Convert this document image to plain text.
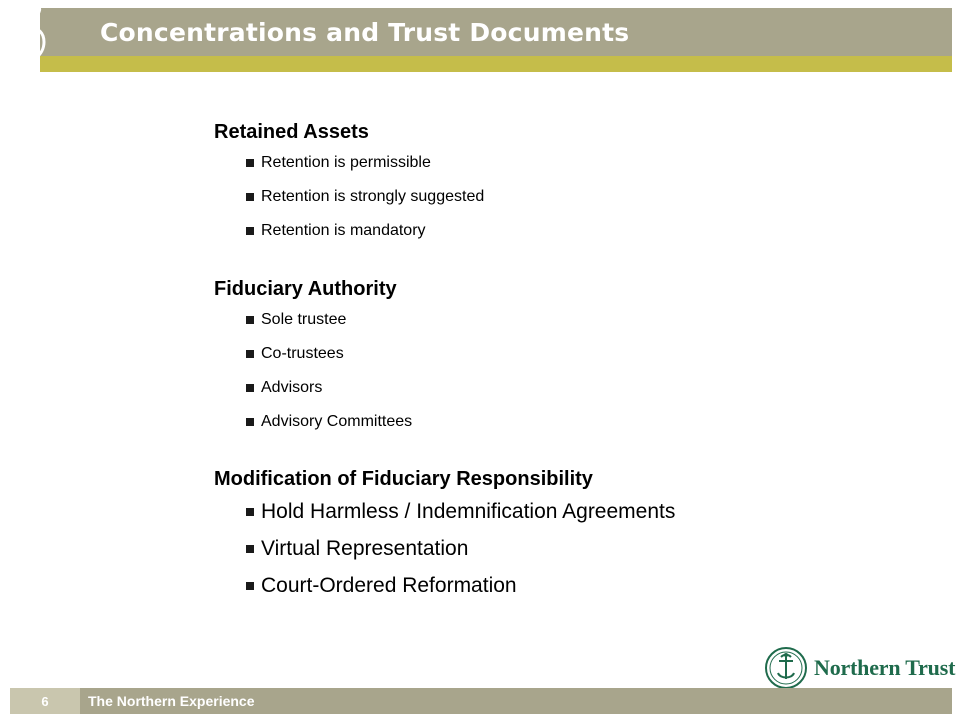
Concentrations and Trust Documents
Retained Assets
Retention is permissible
Retention is strongly suggested
Retention is mandatory
Fiduciary Authority
Sole trustee
Co-trustees
Advisors
Advisory Committees
Modification of Fiduciary Responsibility
Hold Harmless / Indemnification Agreements
Virtual Representation
Court-Ordered Reformation
Northern Trust
6	The Northern Experience
